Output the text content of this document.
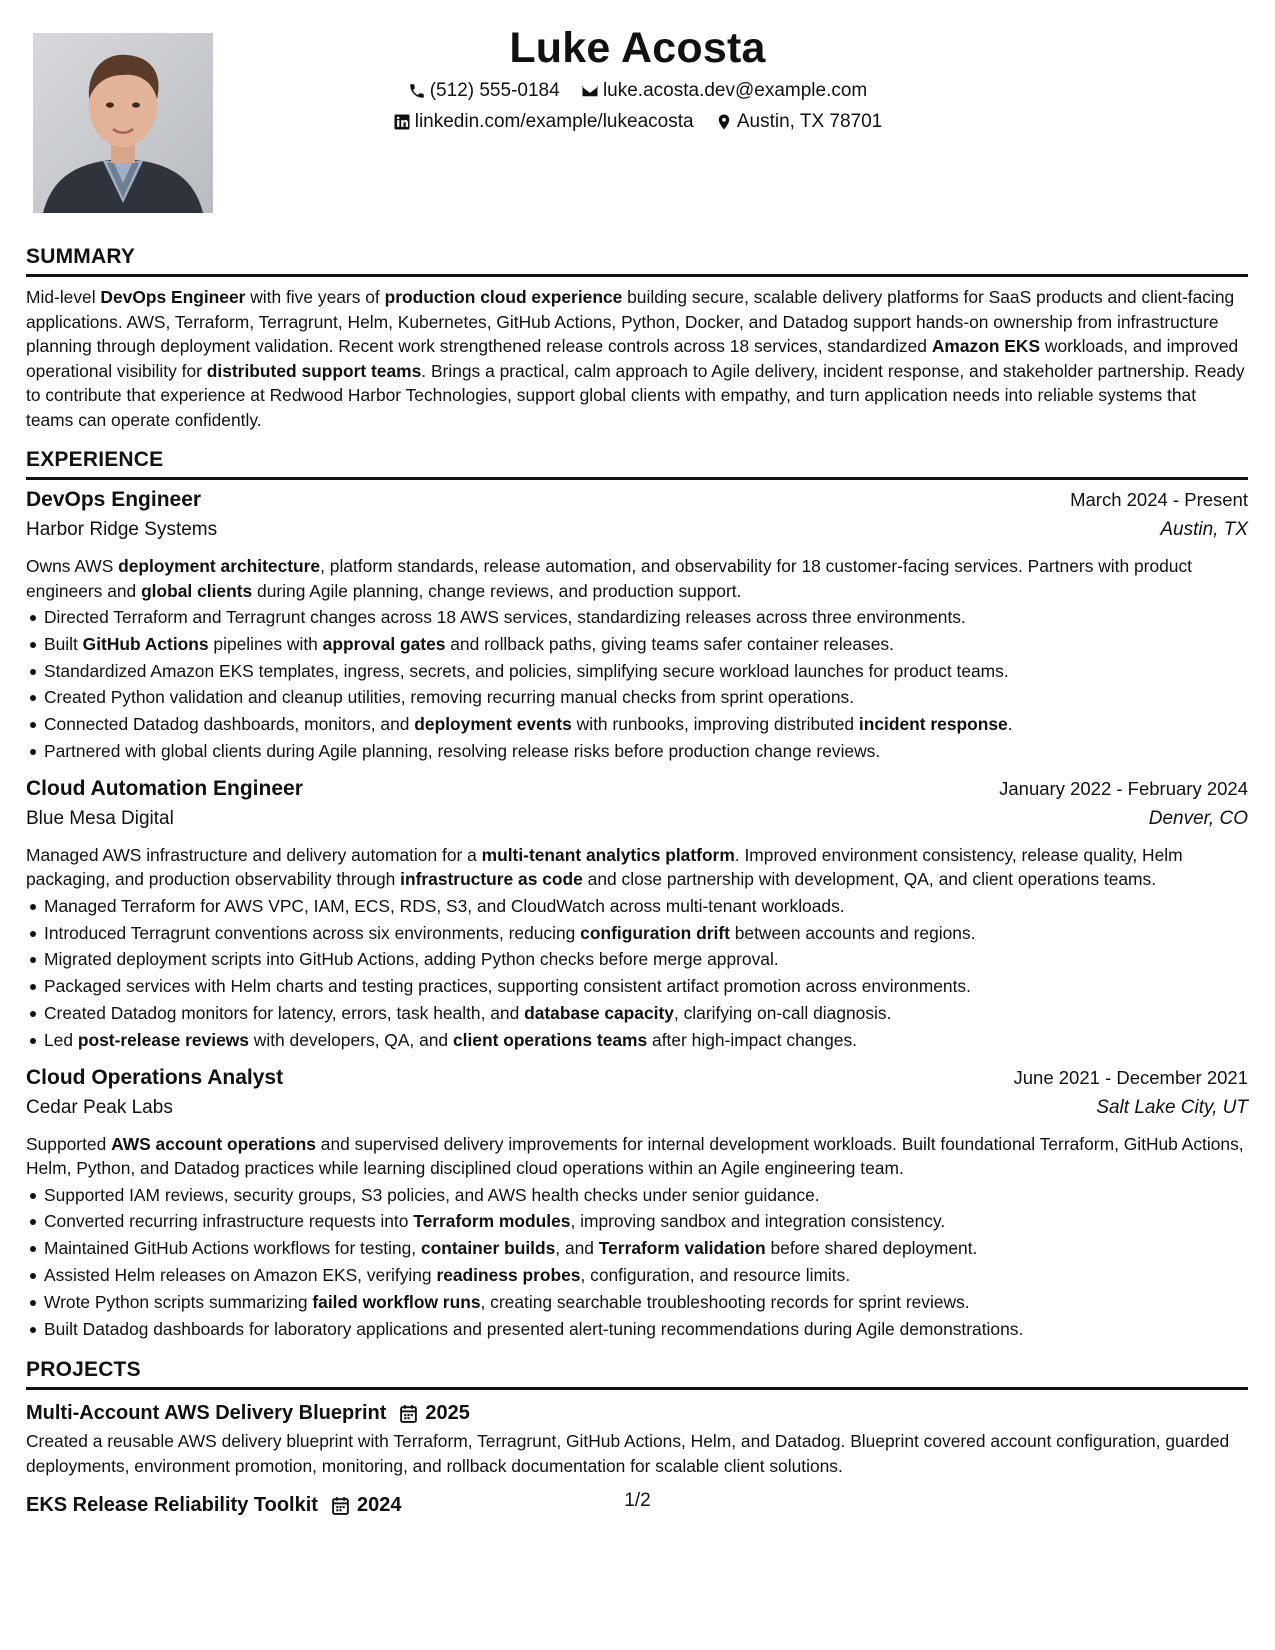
Luke Acosta
(512) 555-0184
luke.acosta.dev@example.com
linkedin.com/example/lukeacosta
Austin, TX 78701
SUMMARY
Mid-level DevOps Engineer with five years of production cloud experience building secure, scalable delivery platforms for SaaS products and client-facing applications. AWS, Terraform, Terragrunt, Helm, Kubernetes, GitHub Actions, Python, Docker, and Datadog support hands-on ownership from infrastructure planning through deployment validation. Recent work strengthened release controls across 18 services, standardized Amazon EKS workloads, and improved operational visibility for distributed support teams. Brings a practical, calm approach to Agile delivery, incident response, and stakeholder partnership. Ready to contribute that experience at Redwood Harbor Technologies, support global clients with empathy, and turn application needs into reliable systems that teams can operate confidently.
EXPERIENCE
DevOps Engineer	March 2024 - Present
Harbor Ridge Systems	Austin, TX
Owns AWS deployment architecture, platform standards, release automation, and observability for 18 customer-facing services. Partners with product engineers and global clients during Agile planning, change reviews, and production support.
Directed Terraform and Terragrunt changes across 18 AWS services, standardizing releases across three environments.
Built GitHub Actions pipelines with approval gates and rollback paths, giving teams safer container releases.
Standardized Amazon EKS templates, ingress, secrets, and policies, simplifying secure workload launches for product teams.
Created Python validation and cleanup utilities, removing recurring manual checks from sprint operations.
Connected Datadog dashboards, monitors, and deployment events with runbooks, improving distributed incident response.
Partnered with global clients during Agile planning, resolving release risks before production change reviews.
Cloud Automation Engineer	January 2022 - February 2024
Blue Mesa Digital	Denver, CO
Managed AWS infrastructure and delivery automation for a multi-tenant analytics platform. Improved environment consistency, release quality, Helm packaging, and production observability through infrastructure as code and close partnership with development, QA, and client operations teams.
Managed Terraform for AWS VPC, IAM, ECS, RDS, S3, and CloudWatch across multi-tenant workloads.
Introduced Terragrunt conventions across six environments, reducing configuration drift between accounts and regions.
Migrated deployment scripts into GitHub Actions, adding Python checks before merge approval.
Packaged services with Helm charts and testing practices, supporting consistent artifact promotion across environments.
Created Datadog monitors for latency, errors, task health, and database capacity, clarifying on-call diagnosis.
Led post-release reviews with developers, QA, and client operations teams after high-impact changes.
Cloud Operations Analyst	June 2021 - December 2021
Cedar Peak Labs	Salt Lake City, UT
Supported AWS account operations and supervised delivery improvements for internal development workloads. Built foundational Terraform, GitHub Actions, Helm, Python, and Datadog practices while learning disciplined cloud operations within an Agile engineering team.
Supported IAM reviews, security groups, S3 policies, and AWS health checks under senior guidance.
Converted recurring infrastructure requests into Terraform modules, improving sandbox and integration consistency.
Maintained GitHub Actions workflows for testing, container builds, and Terraform validation before shared deployment.
Assisted Helm releases on Amazon EKS, verifying readiness probes, configuration, and resource limits.
Wrote Python scripts summarizing failed workflow runs, creating searchable troubleshooting records for sprint reviews.
Built Datadog dashboards for laboratory applications and presented alert-tuning recommendations during Agile demonstrations.
PROJECTS
Multi-Account AWS Delivery Blueprint 2025
Created a reusable AWS delivery blueprint with Terraform, Terragrunt, GitHub Actions, Helm, and Datadog. Blueprint covered account configuration, guarded deployments, environment promotion, monitoring, and rollback documentation for scalable client solutions.
EKS Release Reliability Toolkit 2024	1/2
